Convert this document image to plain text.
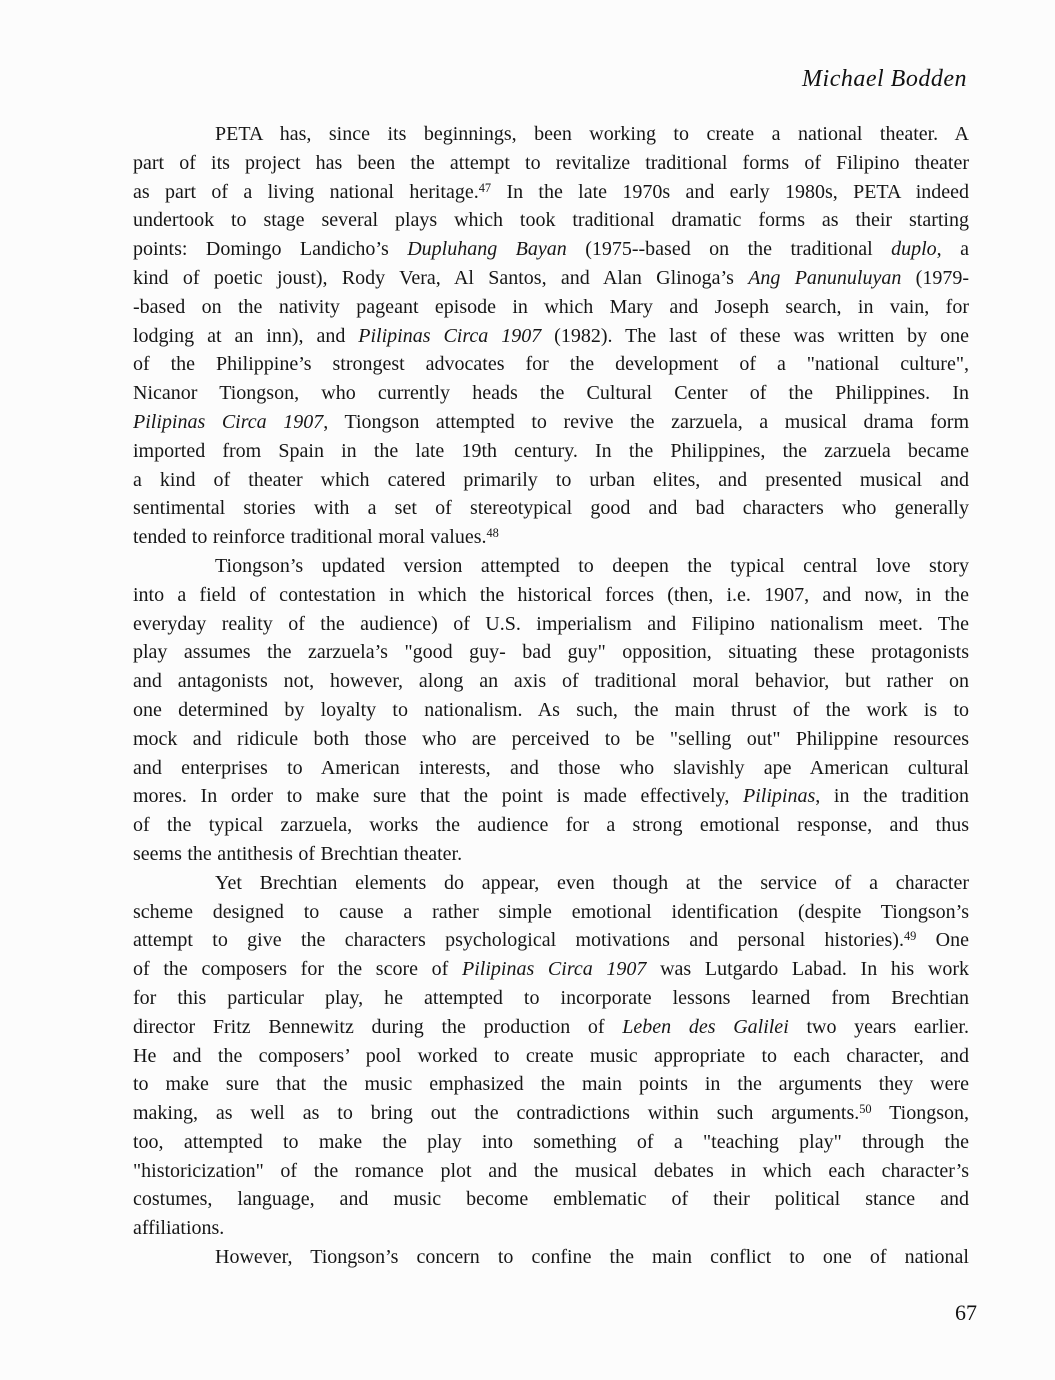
Michael Bodden
PETA has, since its beginnings, been working to create a national theater. A
part of its project has been the attempt to revitalize traditional forms of Filipino theater
as part of a living national heritage.$^{47}$ In the late 1970s and early 1980s, PETA indeed
undertook to stage several plays which took traditional dramatic forms as their starting
points: Domingo Landicho’s Dupluhang Bayan (1975--based on the traditional duplo, a
kind of poetic joust), Rody Vera, Al Santos, and Alan Glinoga’s Ang Panunuluyan (1979-
-based on the nativity pageant episode in which Mary and Joseph search, in vain, for
lodging at an inn), and Pilipinas Circa 1907 (1982). The last of these was written by one
of the Philippine’s strongest advocates for the development of a "national culture",
Nicanor Tiongson, who currently heads the Cultural Center of the Philippines. In
Pilipinas Circa 1907, Tiongson attempted to revive the zarzuela, a musical drama form
imported from Spain in the late 19th century. In the Philippines, the zarzuela became
a kind of theater which catered primarily to urban elites, and presented musical and
sentimental stories with a set of stereotypical good and bad characters who generally
tended to reinforce traditional moral values.$^{48}$
Tiongson’s updated version attempted to deepen the typical central love story
into a field of contestation in which the historical forces (then, i.e. 1907, and now, in the
everyday reality of the audience) of U.S. imperialism and Filipino nationalism meet. The
play assumes the zarzuela’s "good guy- bad guy" opposition, situating these protagonists
and antagonists not, however, along an axis of traditional moral behavior, but rather on
one determined by loyalty to nationalism. As such, the main thrust of the work is to
mock and ridicule both those who are perceived to be "selling out" Philippine resources
and enterprises to American interests, and those who slavishly ape American cultural
mores. In order to make sure that the point is made effectively, Pilipinas, in the tradition
of the typical zarzuela, works the audience for a strong emotional response, and thus
seems the antithesis of Brechtian theater.
Yet Brechtian elements do appear, even though at the service of a character
scheme designed to cause a rather simple emotional identification (despite Tiongson’s
attempt to give the characters psychological motivations and personal histories).$^{49}$ One
of the composers for the score of Pilipinas Circa 1907 was Lutgardo Labad. In his work
for this particular play, he attempted to incorporate lessons learned from Brechtian
director Fritz Bennewitz during the production of Leben des Galilei two years earlier.
He and the composers’ pool worked to create music appropriate to each character, and
to make sure that the music emphasized the main points in the arguments they were
making, as well as to bring out the contradictions within such arguments.$^{50}$ Tiongson,
too, attempted to make the play into something of a "teaching play" through the
"historicization" of the romance plot and the musical debates in which each character’s
costumes, language, and music become emblematic of their political stance and
affiliations.
However, Tiongson’s concern to confine the main conflict to one of national
67
